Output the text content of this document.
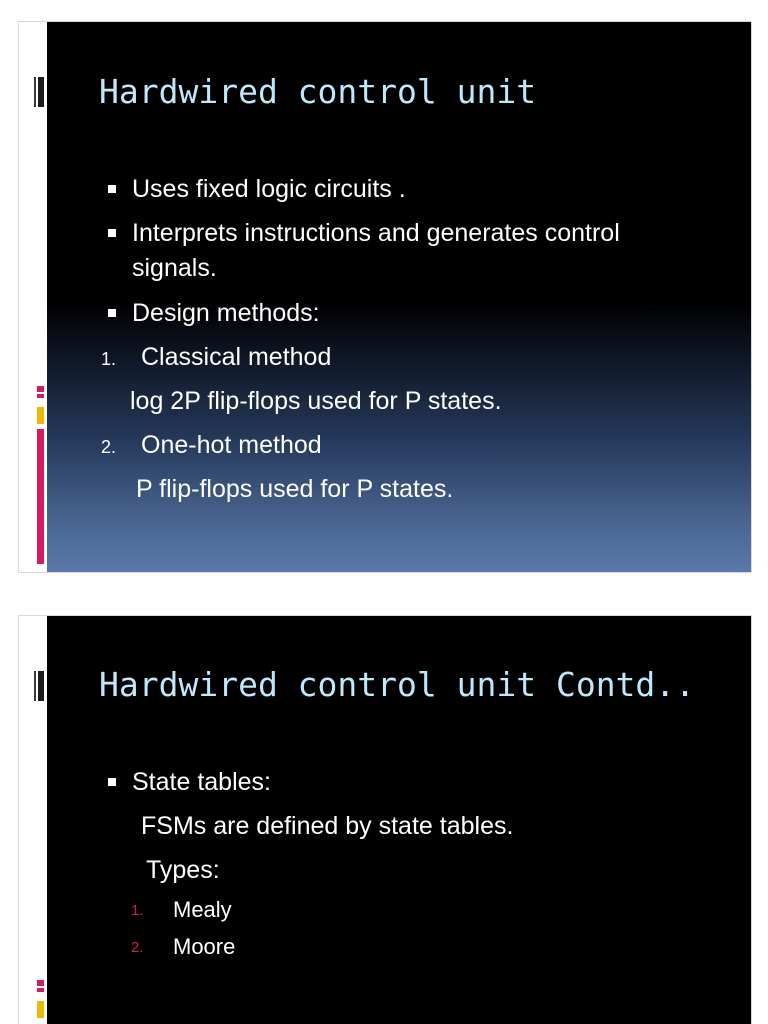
Hardwired control unit
Uses fixed logic circuits .
Interprets instructions and generates control
signals.
Design methods:
1. Classical method
log 2P flip-flops used for P states.
2. One-hot method
P flip-flops used for P states.
Hardwired control unit Contd..
State tables:
FSMs are defined by state tables.
Types:
1. Mealy
2. Moore
